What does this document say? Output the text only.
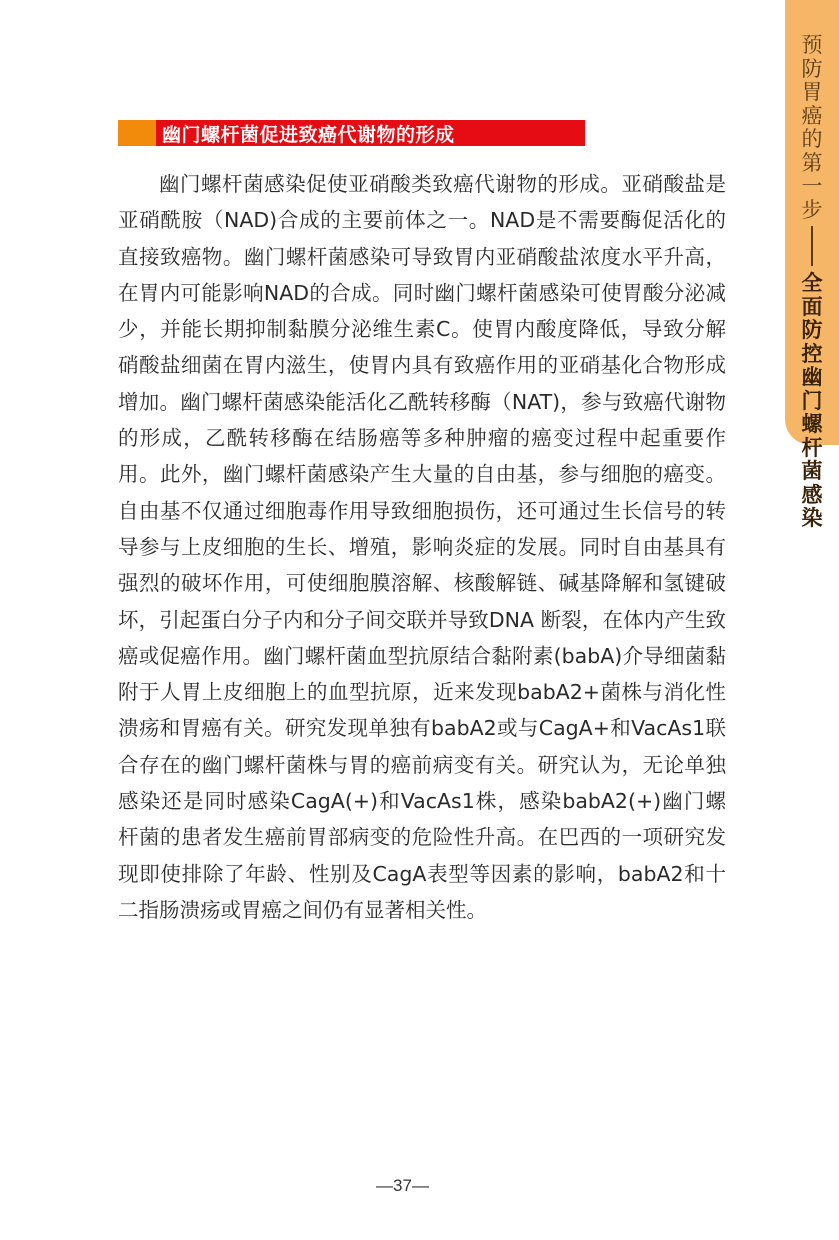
预
防
胃
癌
的
第
一
步
全
面
防
控
幽
门
螺
杆
菌
感
染
幽门螺杆菌促进致癌代谢物的形成

幽门螺杆菌感染促使亚硝酸类致癌代谢物的形成。亚硝酸盐是亚硝酰胺（NAD)合成的主要前体之一。NAD是不需要酶促活化的直接致癌物。幽门螺杆菌感染可导致胃内亚硝酸盐浓度水平升高，在胃内可能影响NAD的合成。同时幽门螺杆菌感染可使胃酸分泌减少，并能长期抑制黏膜分泌维生素C。使胃内酸度降低，导致分解硝酸盐细菌在胃内滋生，使胃内具有致癌作用的亚硝基化合物形成增加。幽门螺杆菌感染能活化乙酰转移酶（NAT)，参与致癌代谢物的形成，乙酰转移酶在结肠癌等多种肿瘤的癌变过程中起重要作用。此外，幽门螺杆菌感染产生大量的自由基，参与细胞的癌变。自由基不仅通过细胞毒作用导致细胞损伤，还可通过生长信号的转导参与上皮细胞的生长、增殖，影响炎症的发展。同时自由基具有强烈的破坏作用，可使细胞膜溶解、核酸解链、碱基降解和氢键破坏，引起蛋白分子内和分子间交联并导致DNA 断裂，在体内产生致癌或促癌作用。幽门螺杆菌血型抗原结合黏附素(babA)介导细菌黏附于人胃上皮细胞上的血型抗原，近来发现babA2+菌株与消化性溃疡和胃癌有关。研究发现单独有babA2或与CagA+和VacAs1联合存在的幽门螺杆菌株与胃的癌前病变有关。研究认为，无论单独感染还是同时感染CagA(+)和VacAs1株，感染babA2(+)幽门螺杆菌的患者发生癌前胃部病变的危险性升高。在巴西的一项研究发 现即使排除了年龄、性别及CagA表型等因素的影响，babA2和十二指肠溃疡或胃癌之间仍有显著相关性。

—37—
